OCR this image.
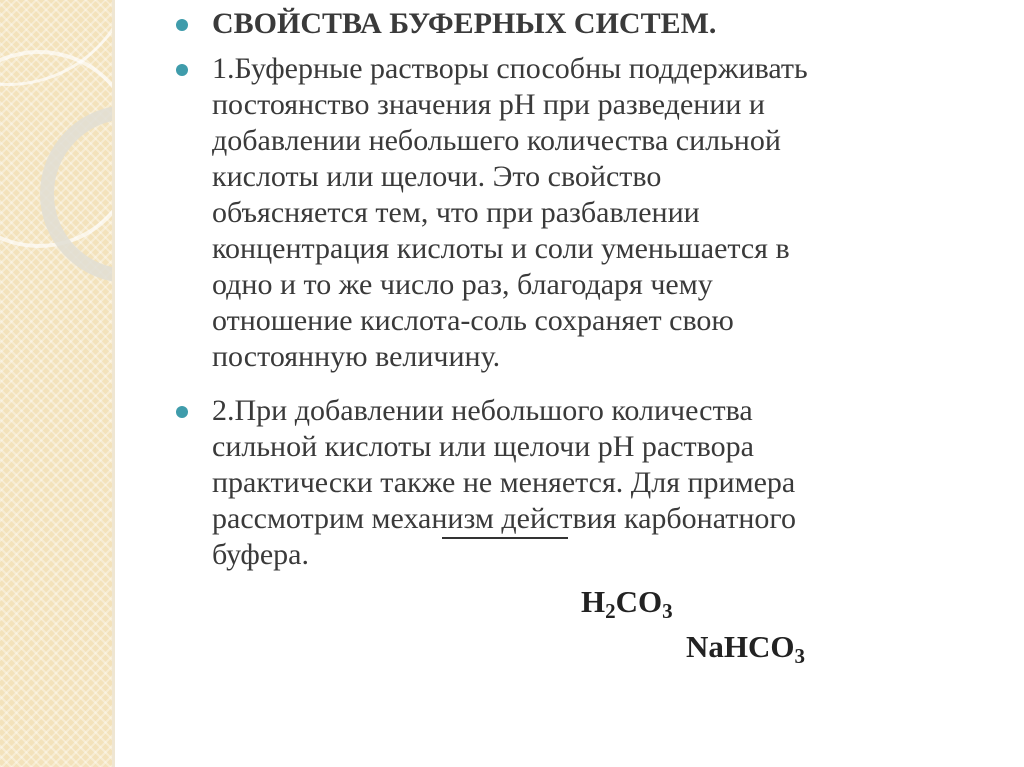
СВОЙСТВА БУФЕРНЫХ СИСТЕМ.

1.Буферные растворы способны поддерживать
постоянство значения pH при разведении и
добавлении небольшего количества сильной
кислоты или щелочи. Это свойство
объясняется тем, что при разбавлении
концентрация кислоты и соли уменьшается в
одно и то же число раз, благодаря чему
отношение кислота-соль сохраняет свою
постоянную величину.
2.При добавлении небольшого количества
сильной кислоты или щелочи pH раствора
практически также не меняется. Для примера
рассмотрим механизм действия карбонатного
буфера.
$H_2CO_3$
NaHCO$_3$
